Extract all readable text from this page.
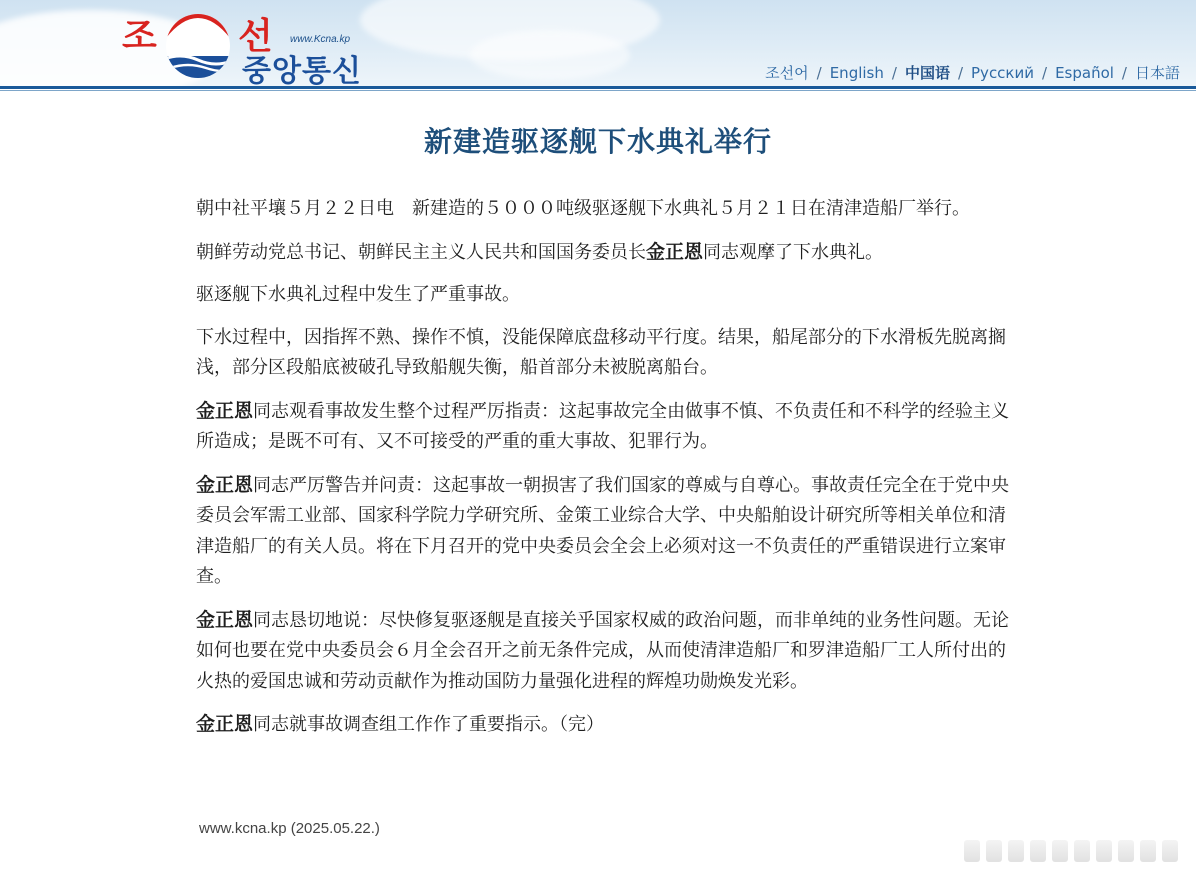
조 선 www.Kcna.kp
중앙통신	조선어 / English / 中国语 / Русский / Español / 日本語
新建造驱逐舰下水典礼举行

朝中社平壤５月２２日电　新建造的５０００吨级驱逐舰下水典礼５月２１日在清津造船厂举行。

朝鲜劳动党总书记、朝鲜民主主义人民共和国国务委员长金正恩同志观摩了下水典礼。

驱逐舰下水典礼过程中发生了严重事故。

下水过程中，因指挥不熟、操作不慎，没能保障底盘移动平行度。结果，船尾部分的下水滑板先脱离搁浅，部分区段船底被破孔导致船舰失衡，船首部分未被脱离船台。

金正恩同志观看事故发生整个过程严厉指责：这起事故完全由做事不慎、不负责任和不科学的经验主义所造成；是既不可有、又不可接受的严重的重大事故、犯罪行为。

金正恩同志严厉警告并问责：这起事故一朝损害了我们国家的尊威与自尊心。事故责任完全在于党中央委员会军需工业部、国家科学院力学研究所、金策工业综合大学、中央船舶设计研究所等相关单位和清津造船厂的有关人员。将在下月召开的党中央委员会全会上必须对这一不负责任的严重错误进行立案审查。

金正恩同志恳切地说：尽快修复驱逐舰是直接关乎国家权威的政治问题，而非单纯的业务性问题。无论如何也要在党中央委员会６月全会召开之前无条件完成，从而使清津造船厂和罗津造船厂工人所付出的火热的爱国忠诚和劳动贡献作为推动国防力量强化进程的辉煌功勋焕发光彩。

金正恩同志就事故调查组工作作了重要指示。（完）

www.kcna.kp (2025.05.22.)
